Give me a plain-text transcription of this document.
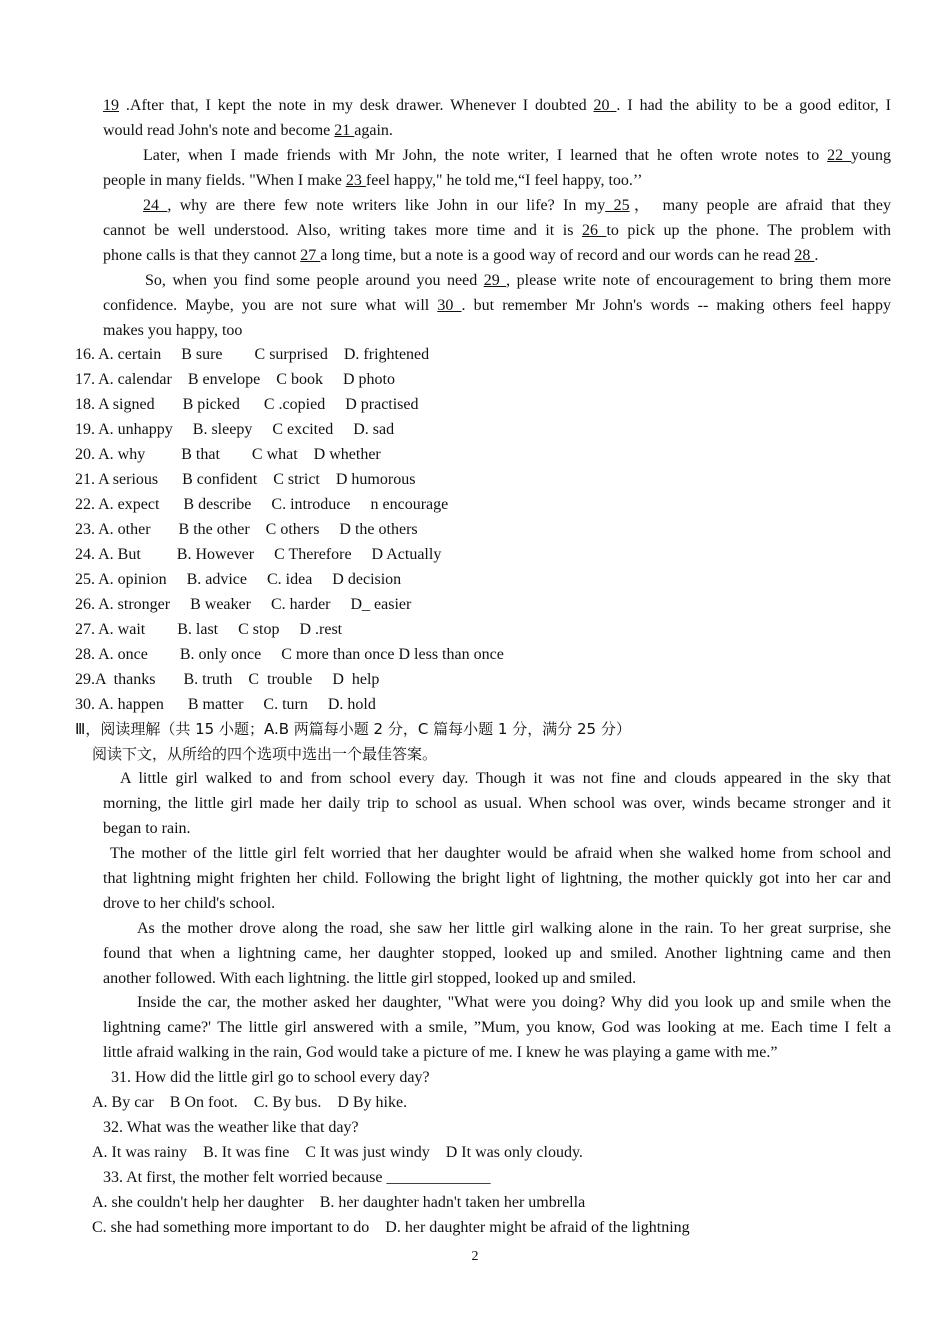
19 .After that, I kept the note in my desk drawer. Whenever I doubted 20 . I had the ability to be a good editor, I
would read John's note and become 21 again.
Later, when I made friends with Mr John, the note writer, I learned that he often wrote notes to 22 young
people in many fields. "When I make 23 feel happy," he told me,“I feel happy, too.’’
24 , why are there few note writers like John in our life? In my 25， many people are afraid that they
cannot be well understood. Also, writing takes more time and it is 26 to pick up the phone. The problem with
phone calls is that they cannot 27 a long time, but a note is a good way of record and our words can he read 28 .
So, when you find some people around you need 29 , please write note of encouragement to bring them more
confidence. Maybe, you are not sure what will 30 . but remember Mr John's words -- making others feel happy
makes you happy, too
16. A. certain     B sure        C surprised    D. frightened
17. A. calendar    B envelope    C book     D photo
18. A signed       B picked      C .copied     D practised
19. A. unhappy     B. sleepy     C excited     D. sad
20. A. why         B that        C what    D whether
21. A serious      B confident    C strict    D humorous
22. A. expect      B describe     C. introduce     n encourage
23. A. other       B the other    C others     D the others
24. A. But         B. However     C Therefore     D Actually
25. A. opinion     B. advice     C. idea     D decision
26. A. stronger     B weaker     C. harder     D_ easier
27. A. wait        B. last     C stop     D .rest
28. A. once        B. only once     C more than once D less than once
29.A  thanks       B. truth    C  trouble     D  help
30. A. happen      B matter     C. turn     D. hold
Ⅲ，阅读理解（共 15 小题；A.B 两篇每小题 2 分，C 篇每小题 1 分，满分 25 分）
阅读下文，从所给的四个选项中选出一个最佳答案。
A little girl walked to and from school every day. Though it was not fine and clouds appeared in the sky that
morning, the little girl made her daily trip to school as usual. When school was over, winds became stronger and it
began to rain.
The mother of the little girl felt worried that her daughter would be afraid when she walked home from school and
that lightning might frighten her child. Following the bright light of lightning, the mother quickly got into her car and
drove to her child's school.
As the mother drove along the road, she saw her little girl walking alone in the rain. To her great surprise, she
found that when a lightning came, her daughter stopped, looked up and smiled. Another lightning came and then
another followed. With each lightning. the little girl stopped, looked up and smiled.
Inside the car, the mother asked her daughter, "What were you doing? Why did you look up and smile when the
lightning came?' The little girl answered with a smile, ”Mum, you know, God was looking at me. Each time I felt a
little afraid walking in the rain, God would take a picture of me. I knew he was playing a game with me.”
31. How did the little girl go to school every day?
A. By car    B On foot.    C. By bus.    D By hike.
32. What was the weather like that day?
A. It was rainy    B. It was fine    C It was just windy    D It was only cloudy.
33. At first, the mother felt worried because _____________
A. she couldn't help her daughter    B. her daughter hadn't taken her umbrella
C. she had something more important to do    D. her daughter might be afraid of the lightning
2
